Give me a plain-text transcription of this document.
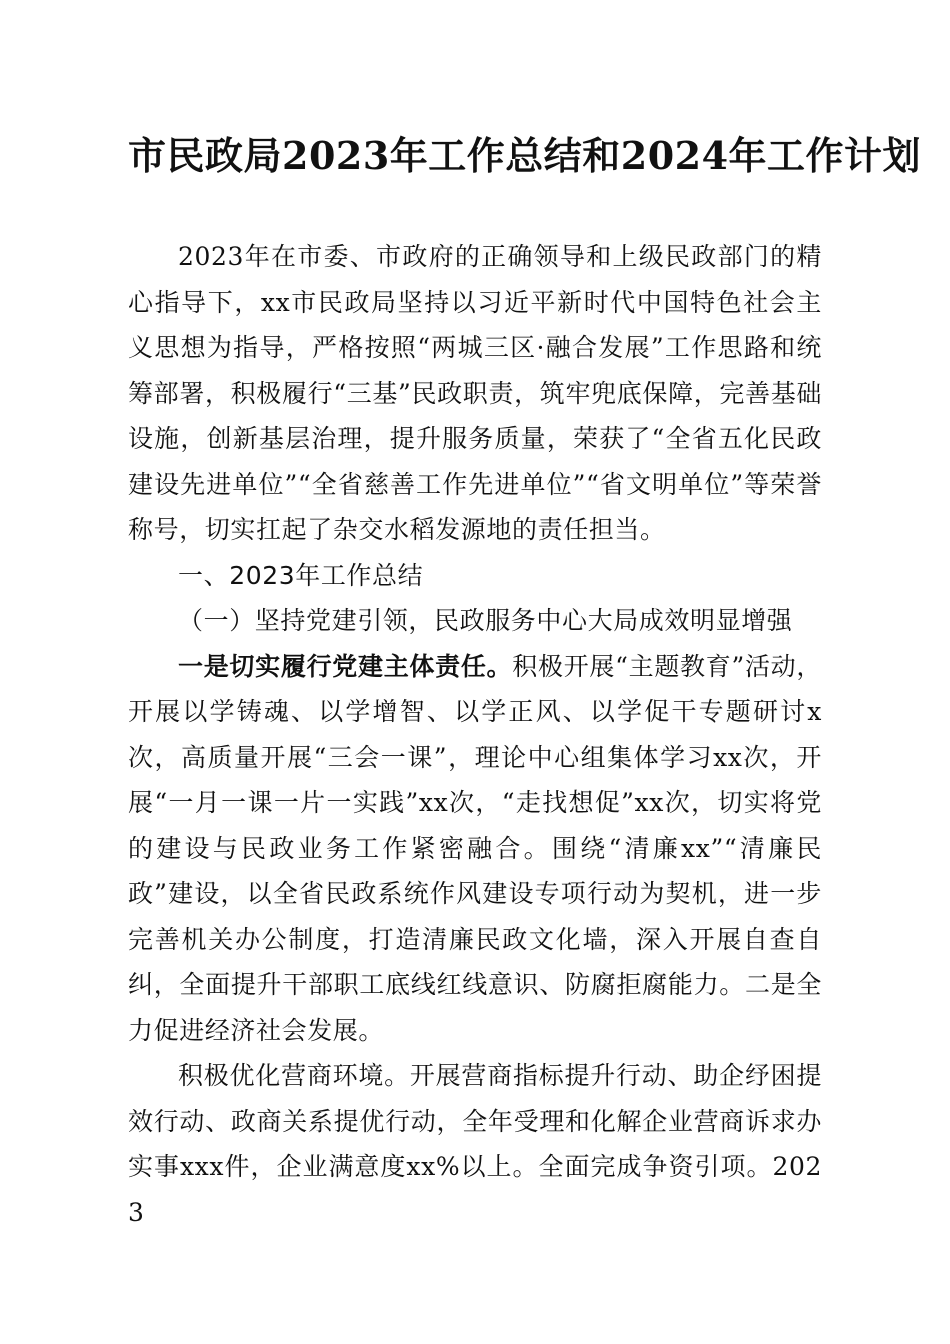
市民政局2023年工作总结和2024年工作计划

2023年在市委、市政府的正确领导和上级民政部门的精心指导下，xx市民政局坚持以习近平新时代中国特色社会主义思想为指导，严格按照“两城三区·融合发展”工作思路和统筹部署，积极履行“三基”民政职责，筑牢兜底保障，完善基础设施，创新基层治理，提升服务质量，荣获了“全省五化民政建设先进单位”“全省慈善工作先进单位”“省文明单位”等荣誉称号，切实扛起了杂交水稻发源地的责任担当。

一、2023年工作总结

（一）坚持党建引领，民政服务中心大局成效明显增强

一是切实履行党建主体责任。积极开展“主题教育”活动，开展以学铸魂、以学增智、以学正风、以学促干专题研讨x次，高质量开展“三会一课”，理论中心组集体学习xx次，开展“一月一课一片一实践”xx次，“走找想促”xx次，切实将党的建设与民政业务工作紧密融合。围绕“清廉xx”“清廉民政”建设，以全省民政系统作风建设专项行动为契机，进一步完善机关办公制度，打造清廉民政文化墙，深入开展自查自纠，全面提升干部职工底线红线意识、防腐拒腐能力。二是全力促进经济社会发展。

积极优化营商环境。开展营商指标提升行动、助企纾困提效行动、政商关系提优行动，全年受理和化解企业营商诉求办实事xxx件，企业满意度xx%以上。全面完成争资引项。2023
